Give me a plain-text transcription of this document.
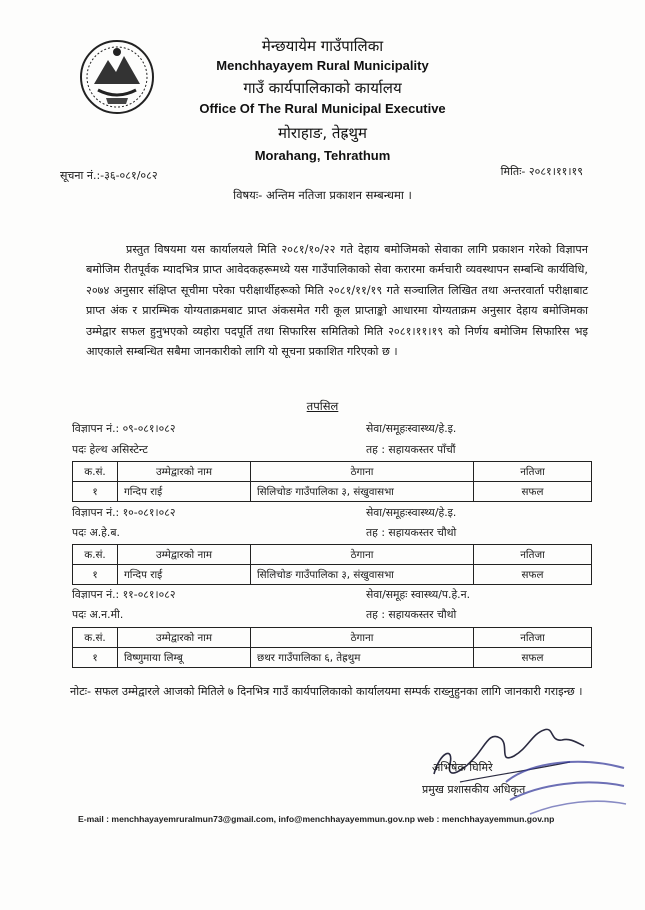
मेन्छयायेम गाउँपालिका
Menchhayayem Rural Municipality
गाउँ कार्यपालिकाको कार्यालय
Office Of The Rural Municipal Executive
मोराहाङ, तेह्रथुम
Morahang, Tehrathum
सूचना नं.:-३६-०८१/०८२	मितिः- २०८१।११।१९
विषयः- अन्तिम नतिजा प्रकाशन सम्बन्धमा ।
प्रस्तुत विषयमा यस कार्यालयले मिति २०८१/१०/२२ गते देहाय बमोजिमको सेवाका लागि प्रकाशन गरेको विज्ञापन बमोजिम रीतपूर्वक म्यादभित्र प्राप्त आवेदकहरूमध्ये यस गाउँपालिकाको सेवा करारमा कर्मचारी व्यवस्थापन सम्बन्धि कार्यविधि, २०७४ अनुसार संक्षिप्त सूचीमा परेका परीक्षार्थीहरूको मिति २०८१/११/१९ गते सञ्चालित लिखित तथा अन्तरवार्ता परीक्षाबाट प्राप्त अंक र प्रारम्भिक योग्यताक्रमबाट प्राप्त अंकसमेत गरी कूल प्राप्ताङ्को आधारमा योग्यताक्रम अनुसार देहाय बमोजिमका उम्मेद्वार सफल हुनुभएको व्यहोरा पदपूर्ति तथा सिफारिस समितिको मिति २०८१।११।१९ को निर्णय बमोजिम सिफारिस भइ आएकाले सम्बन्धित सबैमा जानकारीको लागि यो सूचना प्रकाशित गरिएको छ ।
तपसिल
विज्ञापन नं.: ०९-०८१।०८२	सेवा/समूहःस्वास्थ्य/हे.इ.
पदः हेल्थ असिस्टेन्ट	तह : सहायकस्तर पाँचौं
क.सं.	उम्मेद्वारको नाम	ठेगाना	नतिजा
१	गन्दिप राई	सिलिचोङ गाउँपालिका ३, संखुवासभा	सफल
विज्ञापन नं.: १०-०८१।०८२	सेवा/समूहःस्वास्थ्य/हे.इ.
पदः अ.हे.ब.	तह : सहायकस्तर चौथो
क.सं.	उम्मेद्वारको नाम	ठेगाना	नतिजा
१	गन्दिप राई	सिलिचोङ गाउँपालिका ३, संखुवासभा	सफल
विज्ञापन नं.: ११-०८१।०८२	सेवा/समूहः स्वास्थ्य/प.हे.न.
पदः अ.न.मी.	तह : सहायकस्तर चौथो
क.सं.	उम्मेद्वारको नाम	ठेगाना	नतिजा
१	विष्णुमाया लिम्बू	छथर गाउँपालिका ६, तेह्रथुम	सफल
नोटः- सफल उम्मेद्वारले आजको मितिले ७ दिनभित्र गाउँ कार्यपालिकाको कार्यालयमा सम्पर्क राख्नुहुनका लागि जानकारी गराइन्छ ।
अभिषेक घिमिरे
प्रमुख प्रशासकीय अधिकृत
E-mail : menchhayayemruralmun73@gmail.com, info@menchhayayemmun.gov.np web : menchhayayemmun.gov.np
